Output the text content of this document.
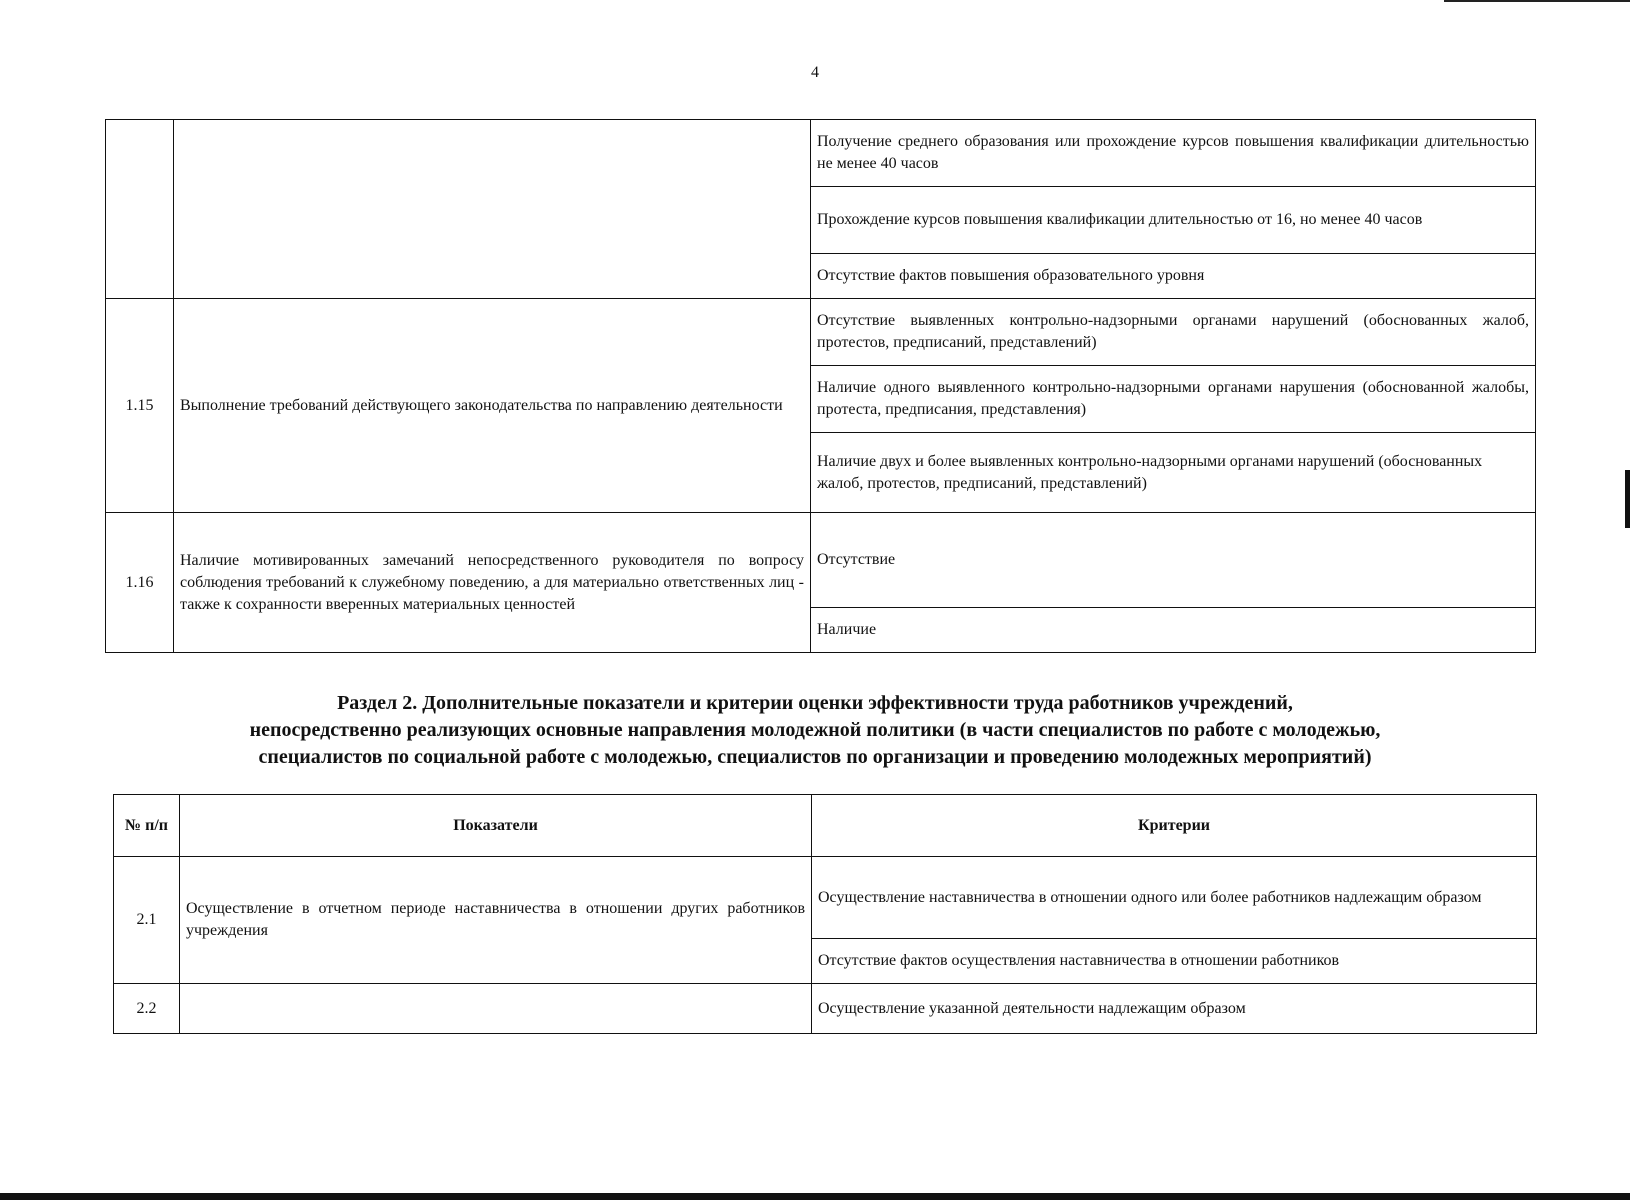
4
		Получение среднего образования или прохождение курсов повышения квалификации длительностью не менее 40 часов
		Прохождение курсов повышения квалификации длительностью от 16, но менее 40 часов
		Отсутствие фактов повышения образовательного уровня
1.15	Выполнение требований действующего законодательства по направлению деятельности	Отсутствие выявленных контрольно-надзорными органами нарушений (обоснованных жалоб, протестов, предписаний, представлений)
		Наличие одного выявленного контрольно-надзорными органами нарушения (обоснованной жалобы, протеста, предписания, представления)
		Наличие двух и более выявленных контрольно-надзорными органами нарушений (обоснованных жалоб, протестов, предписаний, представлений)
1.16	Наличие мотивированных замечаний непосредственного руководителя по вопросу соблюдения требований к служебному поведению, а для материально ответственных лиц - также к сохранности вверенных материальных ценностей	Отсутствие
		Наличие
Раздел 2. Дополнительные показатели и критерии оценки эффективности труда работников учреждений,
непосредственно реализующих основные направления молодежной политики (в части специалистов по работе с молодежью,
специалистов по социальной работе с молодежью, специалистов по организации и проведению молодежных мероприятий)
№ п/п	Показатели	Критерии
2.1	Осуществление в отчетном периоде наставничества в отношении других работников учреждения	Осуществление наставничества в отношении одного или более работников надлежащим образом
		Отсутствие фактов осуществления наставничества в отношении работников
2.2		Осуществление указанной деятельности надлежащим образом
